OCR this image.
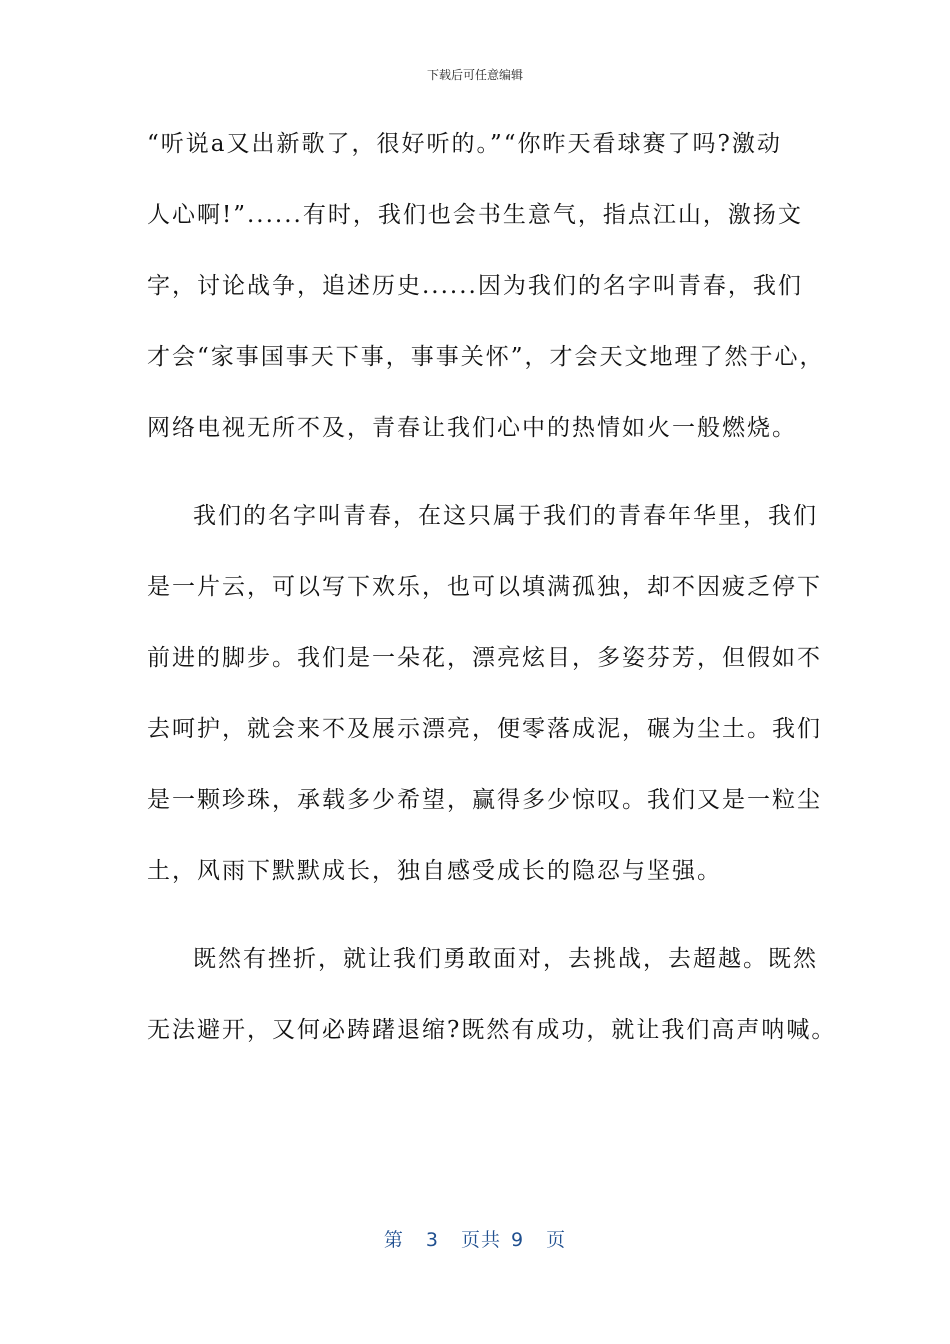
下载后可任意编辑
“听说a又出新歌了，很好听的。”“你昨天看球赛了吗?激动
人心啊!”......有时，我们也会书生意气，指点江山，激扬文
字，讨论战争，追述历史......因为我们的名字叫青春，我们
才会“家事国事天下事，事事关怀”，才会天文地理了然于心，
网络电视无所不及，青春让我们心中的热情如火一般燃烧。
我们的名字叫青春，在这只属于我们的青春年华里，我们
是一片云，可以写下欢乐，也可以填满孤独，却不因疲乏停下
前进的脚步。我们是一朵花，漂亮炫目，多姿芬芳，但假如不
去呵护，就会来不及展示漂亮，便零落成泥，碾为尘土。我们
是一颗珍珠，承载多少希望，赢得多少惊叹。我们又是一粒尘
土，风雨下默默成长，独自感受成长的隐忍与坚强。
既然有挫折，就让我们勇敢面对，去挑战，去超越。既然
无法避开，又何必踌躇退缩?既然有成功，就让我们高声呐喊。
第 3 页共 9 页
